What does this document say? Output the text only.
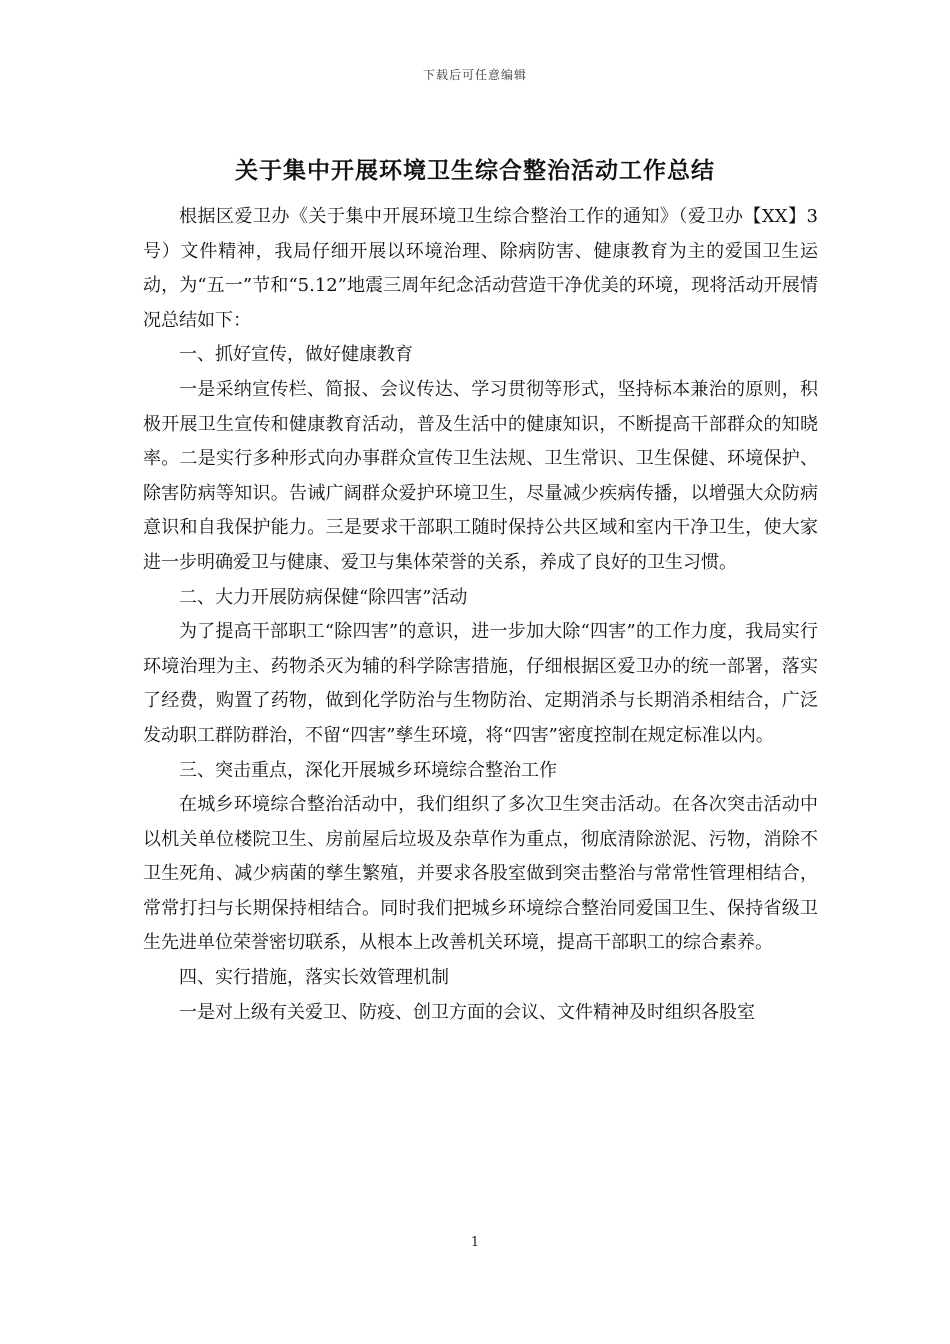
下载后可任意编辑
关于集中开展环境卫生综合整治活动工作总结

根据区爱卫办《关于集中开展环境卫生综合整治工作的通知》（爱卫办【XX】3号）文件精神，我局仔细开展以环境治理、除病防害、健康教育为主的爱国卫生运动，为“五一”节和“5.12”地震三周年纪念活动营造干净优美的环境，现将活动开展情况总结如下：

一、抓好宣传，做好健康教育

一是采纳宣传栏、简报、会议传达、学习贯彻等形式，坚持标本兼治的原则，积极开展卫生宣传和健康教育活动，普及生活中的健康知识，不断提高干部群众的知晓率。二是实行多种形式向办事群众宣传卫生法规、卫生常识、卫生保健、环境保护、除害防病等知识。告诫广阔群众爱护环境卫生，尽量减少疾病传播，以增强大众防病意识和自我保护能力。三是要求干部职工随时保持公共区域和室内干净卫生，使大家进一步明确爱卫与健康、爱卫与集体荣誉的关系，养成了良好的卫生习惯。

二、大力开展防病保健“除四害”活动

为了提高干部职工“除四害”的意识，进一步加大除“四害”的工作力度，我局实行环境治理为主、药物杀灭为辅的科学除害措施，仔细根据区爱卫办的统一部署，落实了经费，购置了药物，做到化学防治与生物防治、定期消杀与长期消杀相结合，广泛发动职工群防群治，不留“四害”孳生环境，将“四害”密度控制在规定标准以内。

三、突击重点，深化开展城乡环境综合整治工作

在城乡环境综合整治活动中，我们组织了多次卫生突击活动。在各次突击活动中以机关单位楼院卫生、房前屋后垃圾及杂草作为重点，彻底清除淤泥、污物，消除不卫生死角、减少病菌的孳生繁殖，并要求各股室做到突击整治与常常性管理相结合，常常打扫与长期保持相结合。同时我们把城乡环境综合整治同爱国卫生、保持省级卫生先进单位荣誉密切联系，从根本上改善机关环境，提高干部职工的综合素养。

四、实行措施，落实长效管理机制

一是对上级有关爱卫、防疫、创卫方面的会议、文件精神及时组织各股室

1
